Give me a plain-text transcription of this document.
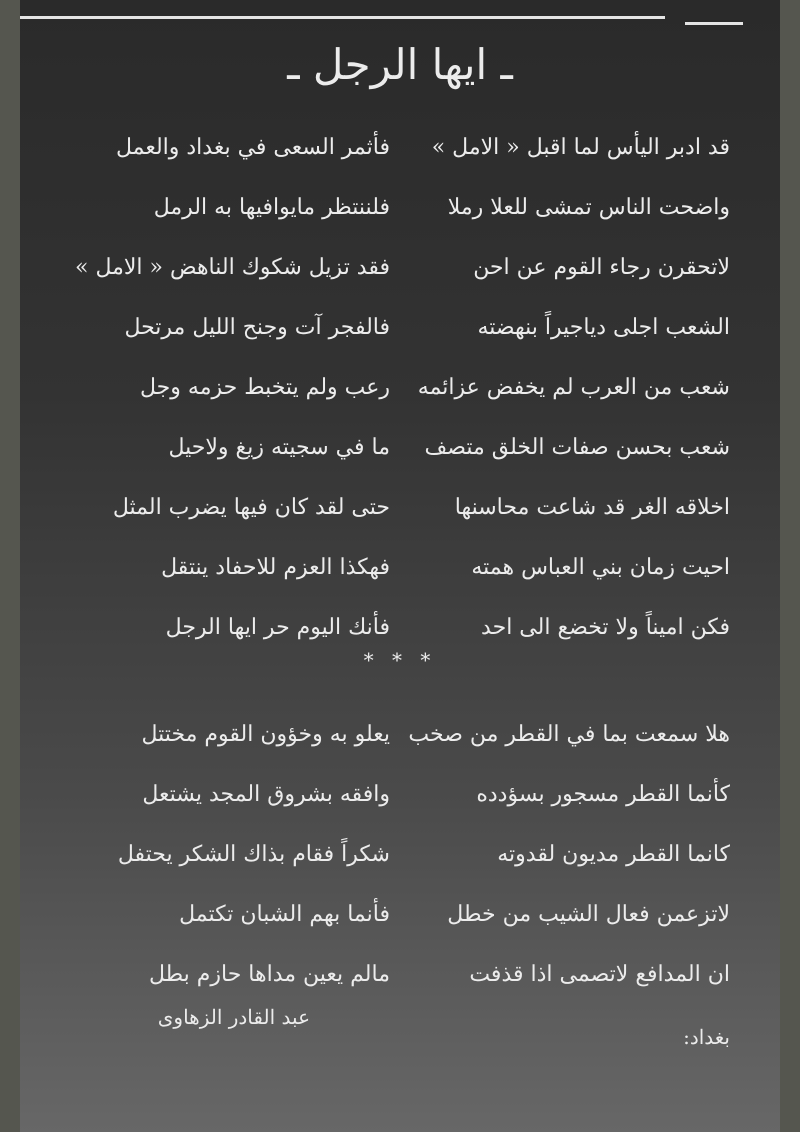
ـ ايها الرجل ـ
قد ادبر اليأس لما اقبل « الامل »
واضحت الناس تمشى للعلا رملا
لاتحقرن رجاء القوم عن احن
الشعب اجلى دياجيراً بنهضته
شعب من العرب لم يخفض عزائمه
شعب بحسن صفات الخلق متصف
اخلاقه الغر قد شاعت محاسنها
احيت زمان بني العباس همته
فكن اميناً ولا تخضع الى احد
فأثمر السعى في بغداد والعمل
فلننتظر مايوافيها به الرمل
فقد تزيل شكوك الناهض « الامل »
فالفجر آت وجنح الليل مرتحل
رعب ولم يتخبط حزمه وجل
ما في سجيته زيغ ولاحيل
حتى لقد كان فيها يضرب المثل
فهكذا العزم للاحفاد ينتقل
فأنك اليوم حر ايها الرجل
* * *
هلا سمعت بما في القطر من صخب
كأنما القطر مسجور بسؤدده
كانما القطر مديون لقدوته
لاتزعمن فعال الشيب من خطل
ان المدافع لاتصمى اذا قذفت
يعلو به وخؤون القوم مختتل
وافقه بشروق المجد يشتعل
شكراً فقام بذاك الشكر يحتفل
فأنما بهم الشبان تكتمل
مالم يعين مداها حازم بطل
عبد القادر الزهاوى
بغداد:
